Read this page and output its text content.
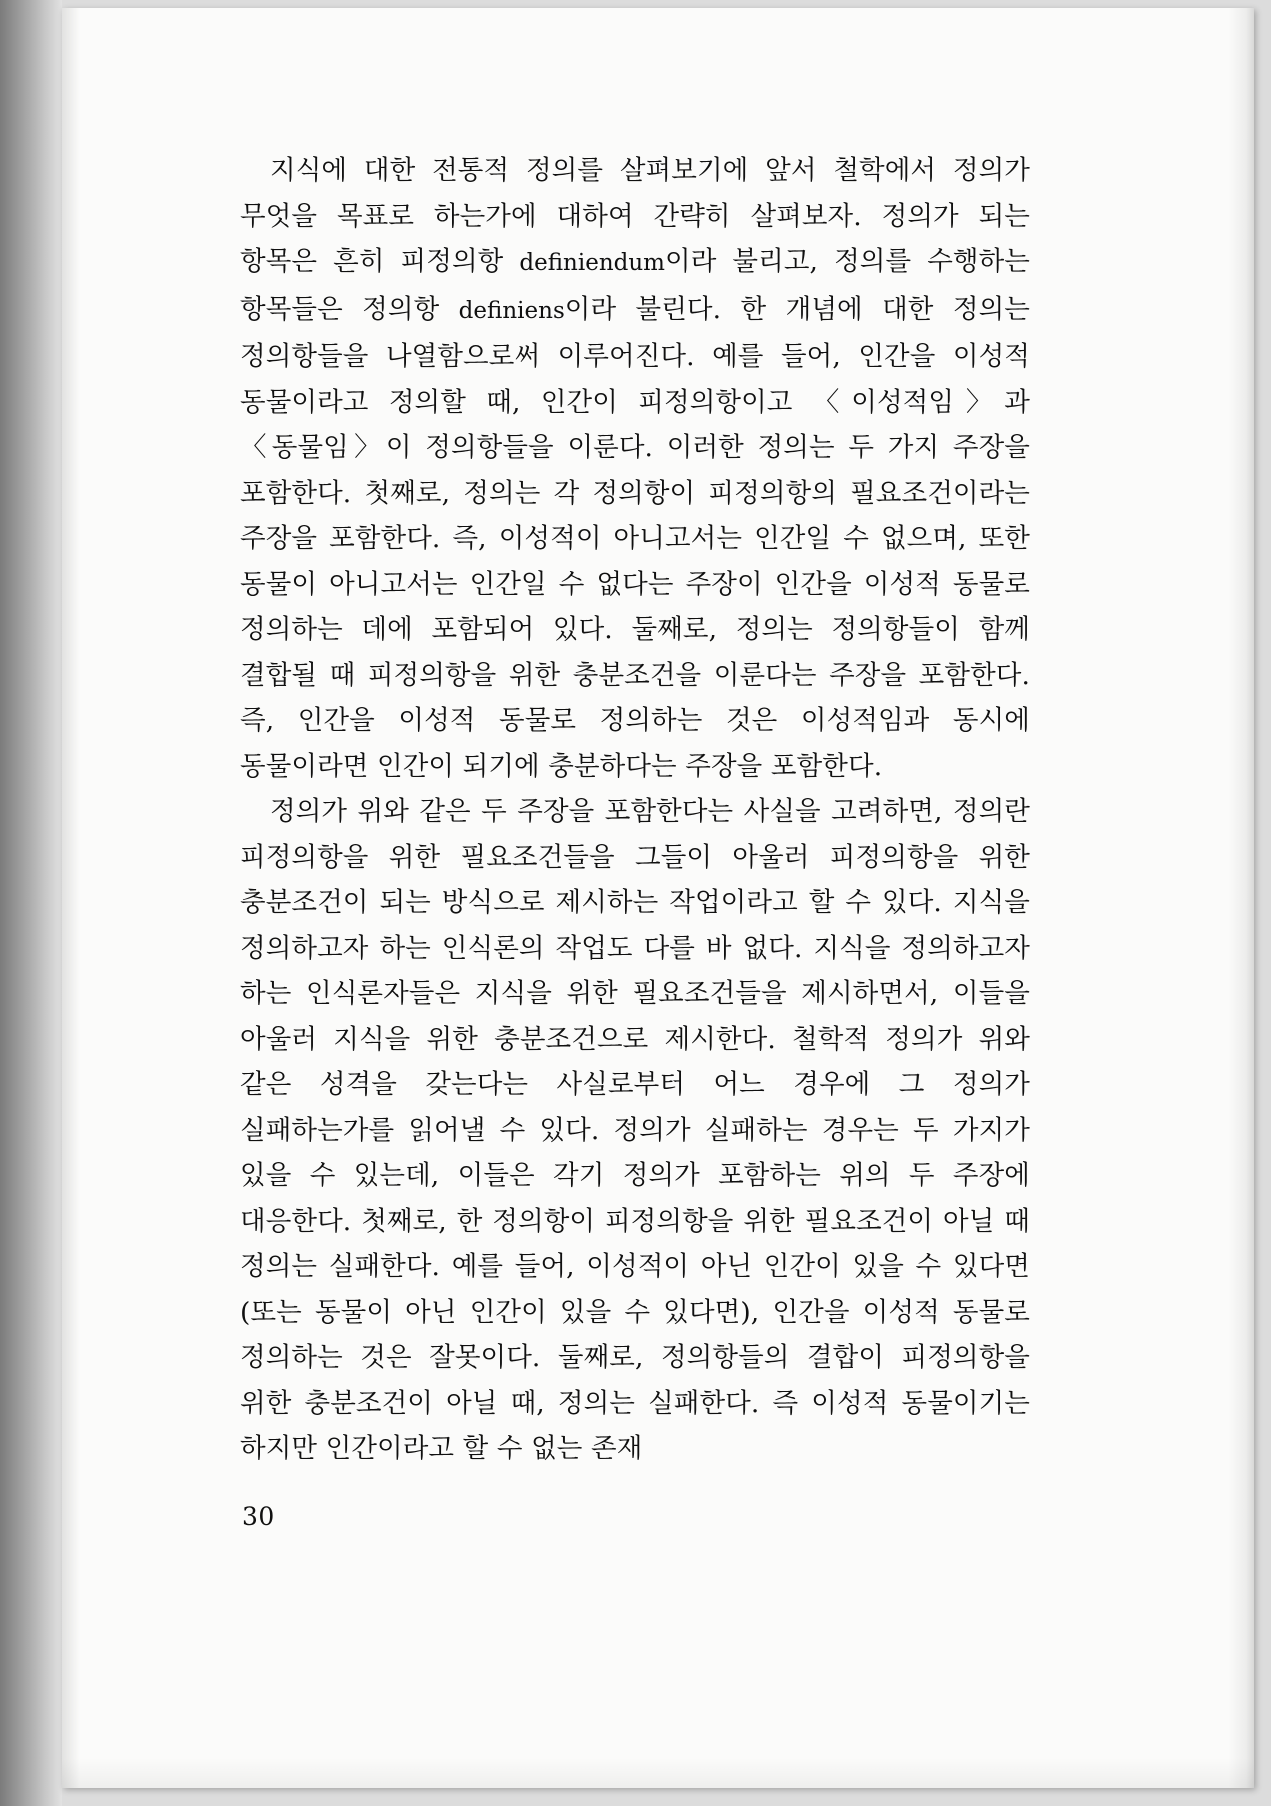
지식에 대한 전통적 정의를 살펴보기에 앞서 철학에서 정의가 무엇을 목표로 하는가에 대하여 간략히 살펴보자. 정의가 되는 항목은 흔히 피정의항 definiendum이라 불리고, 정의를 수행하는 항목들은 정의항 definiens이라 불린다. 한 개념에 대한 정의는 정의항들을 나열함으로써 이루어진다. 예를 들어, 인간을 이성적 동물이라고 정의할 때, 인간이 피정의항이고 〈이성적임〉과 〈동물임〉이 정의항들을 이룬다. 이러한 정의는 두 가지 주장을 포함한다. 첫째로, 정의는 각 정의항이 피정의항의 필요조건이라는 주장을 포함한다. 즉, 이성적이 아니고서는 인간일 수 없으며, 또한 동물이 아니고서는 인간일 수 없다는 주장이 인간을 이성적 동물로 정의하는 데에 포함되어 있다. 둘째로, 정의는 정의항들이 함께 결합될 때 피정의항을 위한 충분조건을 이룬다는 주장을 포함한다. 즉, 인간을 이성적 동물로 정의하는 것은 이성적임과 동시에 동물이라면 인간이 되기에 충분하다는 주장을 포함한다.

정의가 위와 같은 두 주장을 포함한다는 사실을 고려하면, 정의란 피정의항을 위한 필요조건들을 그들이 아울러 피정의항을 위한 충분조건이 되는 방식으로 제시하는 작업이라고 할 수 있다. 지식을 정의하고자 하는 인식론의 작업도 다를 바 없다. 지식을 정의하고자 하는 인식론자들은 지식을 위한 필요조건들을 제시하면서, 이들을 아울러 지식을 위한 충분조건으로 제시한다. 철학적 정의가 위와 같은 성격을 갖는다는 사실로부터 어느 경우에 그 정의가 실패하는가를 읽어낼 수 있다. 정의가 실패하는 경우는 두 가지가 있을 수 있는데, 이들은 각기 정의가 포함하는 위의 두 주장에 대응한다. 첫째로, 한 정의항이 피정의항을 위한 필요조건이 아닐 때 정의는 실패한다. 예를 들어, 이성적이 아닌 인간이 있을 수 있다면(또는 동물이 아닌 인간이 있을 수 있다면), 인간을 이성적 동물로 정의하는 것은 잘못이다. 둘째로, 정의항들의 결합이 피정의항을 위한 충분조건이 아닐 때, 정의는 실패한다. 즉 이성적 동물이기는 하지만 인간이라고 할 수 없는 존재

30
